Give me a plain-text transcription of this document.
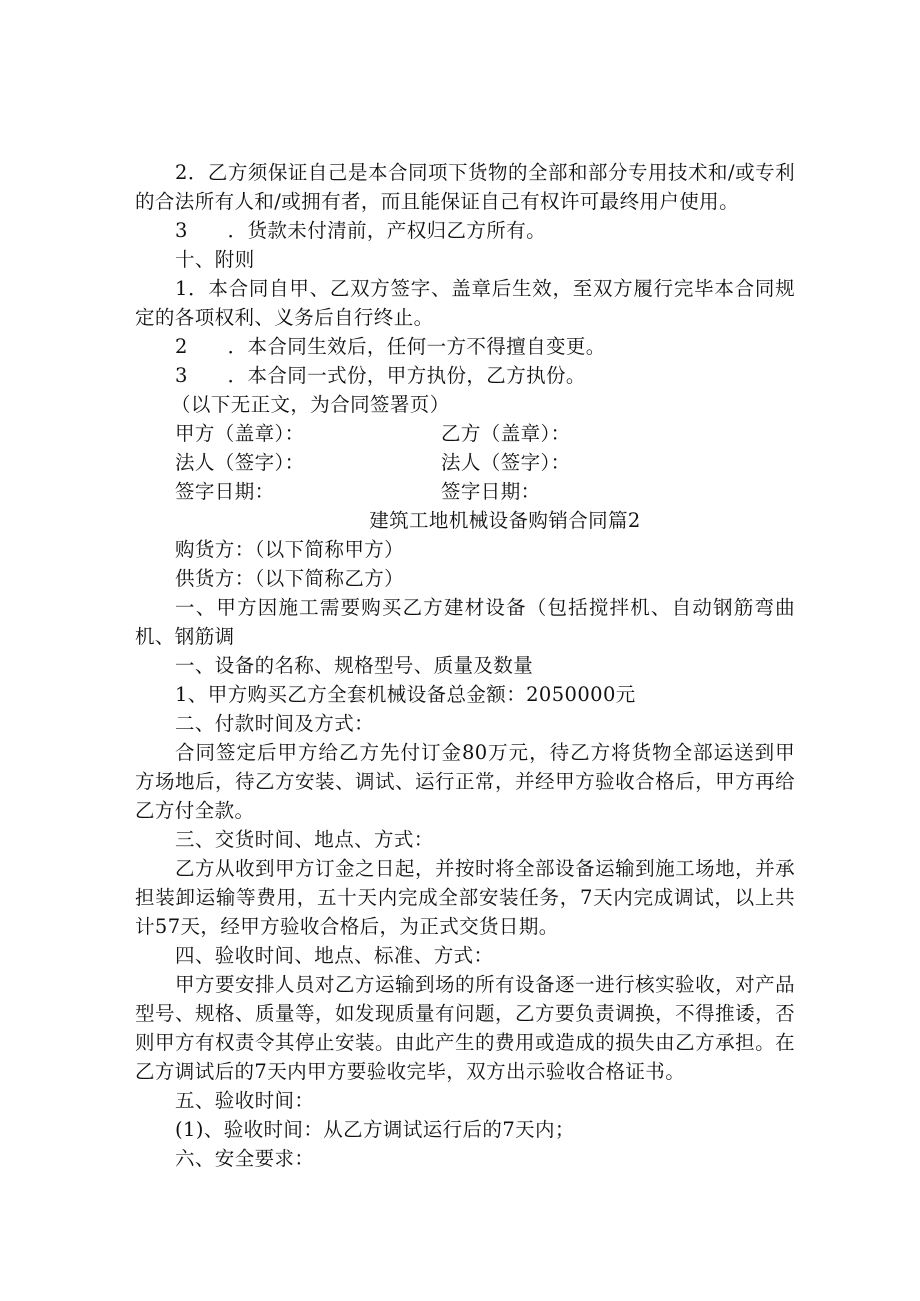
2．乙方须保证自己是本合同项下货物的全部和部分专用技术和/或专利的合法所有人和/或拥有者，而且能保证自己有权许可最终用户使用。

3　　．货款未付清前，产权归乙方所有。

十、附则

1．本合同自甲、乙双方签字、盖章后生效，至双方履行完毕本合同规定的各项权利、义务后自行终止。

2　　．本合同生效后，任何一方不得擅自变更。

3　　．本合同一式份，甲方执份，乙方执份。

（以下无正文，为合同签署页）

甲方（盖章）：	乙方（盖章）：
法人（签字）：	法人（签字）：
签字日期：	签字日期：

建筑工地机械设备购销合同篇2

购货方：（以下简称甲方）

供货方：（以下简称乙方）

一、甲方因施工需要购买乙方建材设备（包括搅拌机、自动钢筋弯曲机、钢筋调

一、设备的名称、规格型号、质量及数量

1、甲方购买乙方全套机械设备总金额：2050000元

二、付款时间及方式：

合同签定后甲方给乙方先付订金80万元，待乙方将货物全部运送到甲方场地后，待乙方安装、调试、运行正常，并经甲方验收合格后，甲方再给乙方付全款。

三、交货时间、地点、方式：

乙方从收到甲方订金之日起，并按时将全部设备运输到施工场地，并承担装卸运输等费用，五十天内完成全部安装任务，7天内完成调试，以上共计57天，经甲方验收合格后，为正式交货日期。

四、验收时间、地点、标准、方式：

甲方要安排人员对乙方运输到场的所有设备逐一进行核实验收，对产品型号、规格、质量等，如发现质量有问题，乙方要负责调换，不得推诿，否则甲方有权责令其停止安装。由此产生的费用或造成的损失由乙方承担。在乙方调试后的7天内甲方要验收完毕，双方出示验收合格证书。

五、验收时间：

(1)、验收时间：从乙方调试运行后的7天内；

六、安全要求：
